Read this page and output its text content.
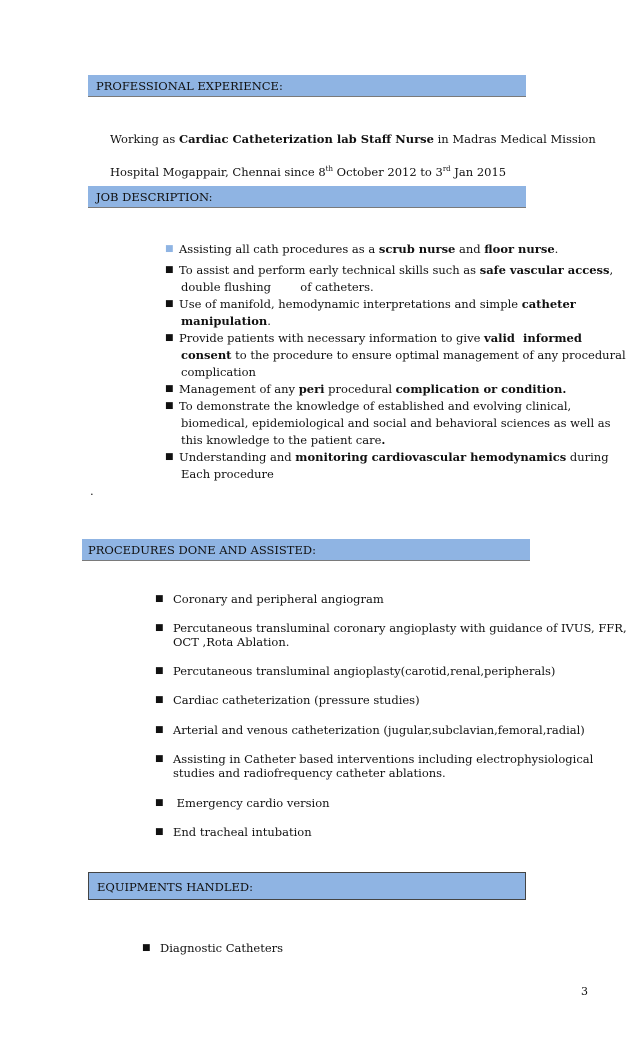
PROFESSIONAL EXPERIENCE:
Working as Cardiac Catheterization lab Staff Nurse in Madras Medical Mission
Hospital Mogappair, Chennai since 8th October 2012 to 3rd Jan 2015
JOB DESCRIPTION:
■ Assisting all cath procedures as a scrub nurse and floor nurse.
■ To assist and perform early technical skills such as safe vascular access,
double flushing        of catheters.
■ Use of manifold, hemodynamic interpretations and simple catheter
manipulation.
■ Provide patients with necessary information to give valid  informed
consent to the procedure to ensure optimal management of any procedural
complication
■ Management of any peri procedural complication or condition.
■ To demonstrate the knowledge of established and evolving clinical,
biomedical, epidemiological and social and behavioral sciences as well as
this knowledge to the patient care.
■ Understanding and monitoring cardiovascular hemodynamics during
Each procedure
.
PROCEDURES DONE AND ASSISTED:
■ Coronary and peripheral angiogram
■ Percutaneous transluminal coronary angioplasty with guidance of IVUS, FFR,
OCT ,Rota Ablation.
■ Percutaneous transluminal angioplasty(carotid,renal,peripherals)
■ Cardiac catheterization (pressure studies)
■ Arterial and venous catheterization (jugular,subclavian,femoral,radial)
■ Assisting in Catheter based interventions including electrophysiological
studies and radiofrequency catheter ablations.
■ Emergency cardio version
■ End tracheal intubation
EQUIPMENTS HANDLED:
■ Diagnostic Catheters
3
